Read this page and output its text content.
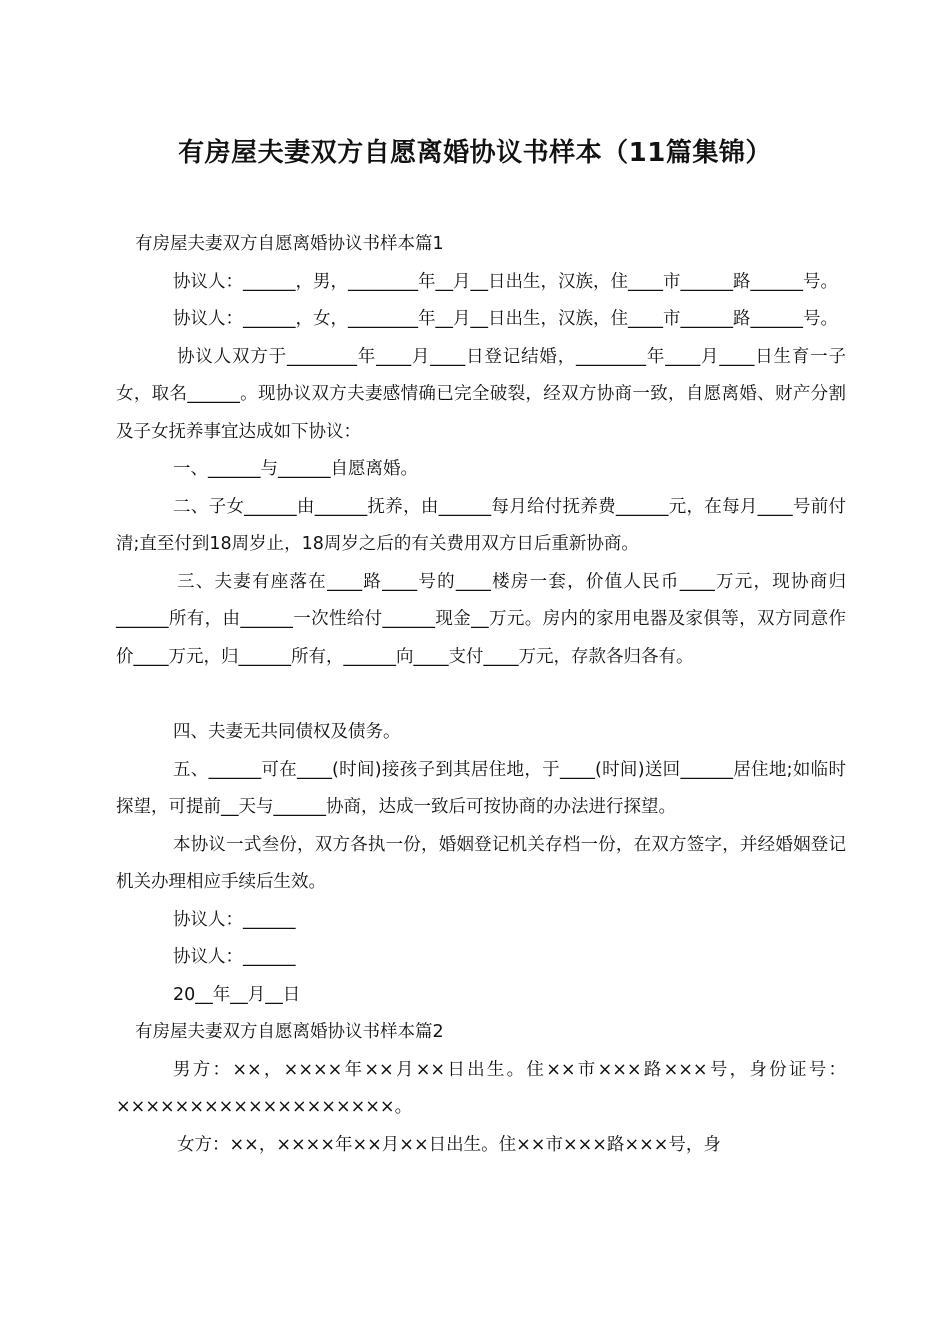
有房屋夫妻双方自愿离婚协议书样本（11篇集锦）

有房屋夫妻双方自愿离婚协议书样本篇1

协议人：______，男，________年__月__日出生，汉族，住____市______路______号。

协议人：______，女，________年__月__日出生，汉族，住____市______路______号。

协议人双方于________年____月____日登记结婚，________年____月____日生育一子女，取名______。现协议双方夫妻感情确已完全破裂，经双方协商一致，自愿离婚、财产分割及子女抚养事宜达成如下协议：

一、______与______自愿离婚。

二、子女______由______抚养，由______每月给付抚养费______元，在每月____号前付清;直至付到18周岁止，18周岁之后的有关费用双方日后重新协商。

三、夫妻有座落在____路____号的____楼房一套，价值人民币____万元，现协商归______所有，由______一次性给付______现金__万元。房内的家用电器及家俱等，双方同意作价____万元，归______所有，______向____支付____万元，存款各归各有。

四、夫妻无共同债权及债务。

五、______可在____(时间)接孩子到其居住地，于____(时间)送回______居住地;如临时探望，可提前__天与______协商，达成一致后可按协商的办法进行探望。

本协议一式叁份，双方各执一份，婚姻登记机关存档一份，在双方签字，并经婚姻登记机关办理相应手续后生效。

协议人：______

协议人：______

20__年__月__日

有房屋夫妻双方自愿离婚协议书样本篇2

男方：××，××××年××月××日出生。住××市×××路×××号，身份证号：×××××××××××××××××××。

女方：××，××××年××月××日出生。住××市×××路×××号，身
